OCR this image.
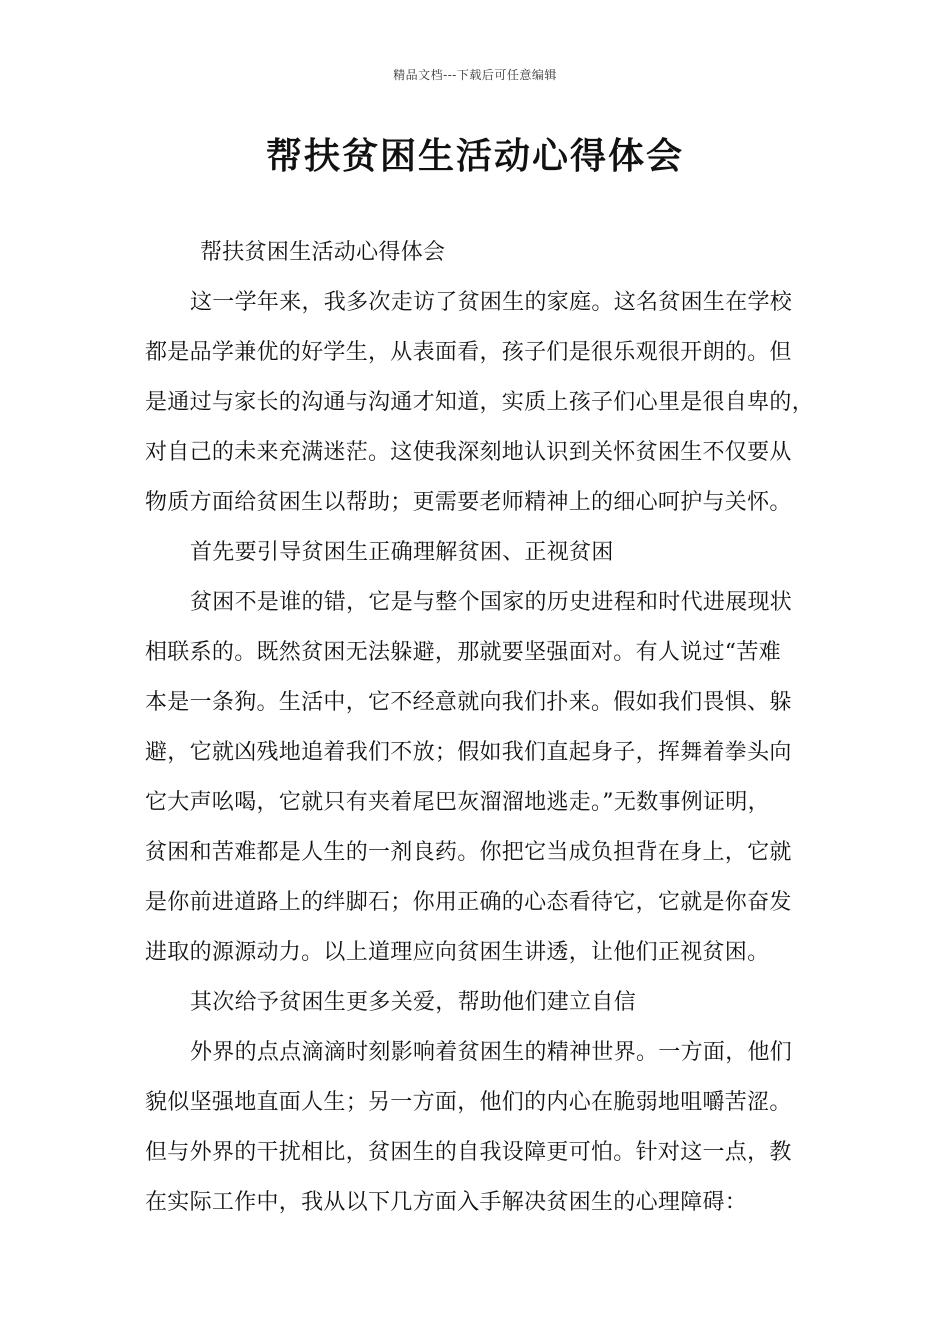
精品文档---下载后可任意编辑
帮扶贫困生活动心得体会
帮扶贫困生活动心得体会
这一学年来，我多次走访了贫困生的家庭。这名贫困生在学校
都是品学兼优的好学生，从表面看，孩子们是很乐观很开朗的。但
是通过与家长的沟通与沟通才知道，实质上孩子们心里是很自卑的，
对自己的未来充满迷茫。这使我深刻地认识到关怀贫困生不仅要从
物质方面给贫困生以帮助；更需要老师精神上的细心呵护与关怀。
首先要引导贫困生正确理解贫困、正视贫困
贫困不是谁的错，它是与整个国家的历史进程和时代进展现状
相联系的。既然贫困无法躲避，那就要坚强面对。有人说过“苦难
本是一条狗。生活中，它不经意就向我们扑来。假如我们畏惧、躲
避，它就凶残地追着我们不放；假如我们直起身子，挥舞着拳头向
它大声吆喝，它就只有夹着尾巴灰溜溜地逃走。”无数事例证明，
贫困和苦难都是人生的一剂良药。你把它当成负担背在身上，它就
是你前进道路上的绊脚石；你用正确的心态看待它，它就是你奋发
进取的源源动力。以上道理应向贫困生讲透，让他们正视贫困。
其次给予贫困生更多关爱，帮助他们建立自信
外界的点点滴滴时刻影响着贫困生的精神世界。一方面，他们
貌似坚强地直面人生；另一方面，他们的内心在脆弱地咀嚼苦涩。
但与外界的干扰相比，贫困生的自我设障更可怕。针对这一点，教
在实际工作中，我从以下几方面入手解决贫困生的心理障碍：
